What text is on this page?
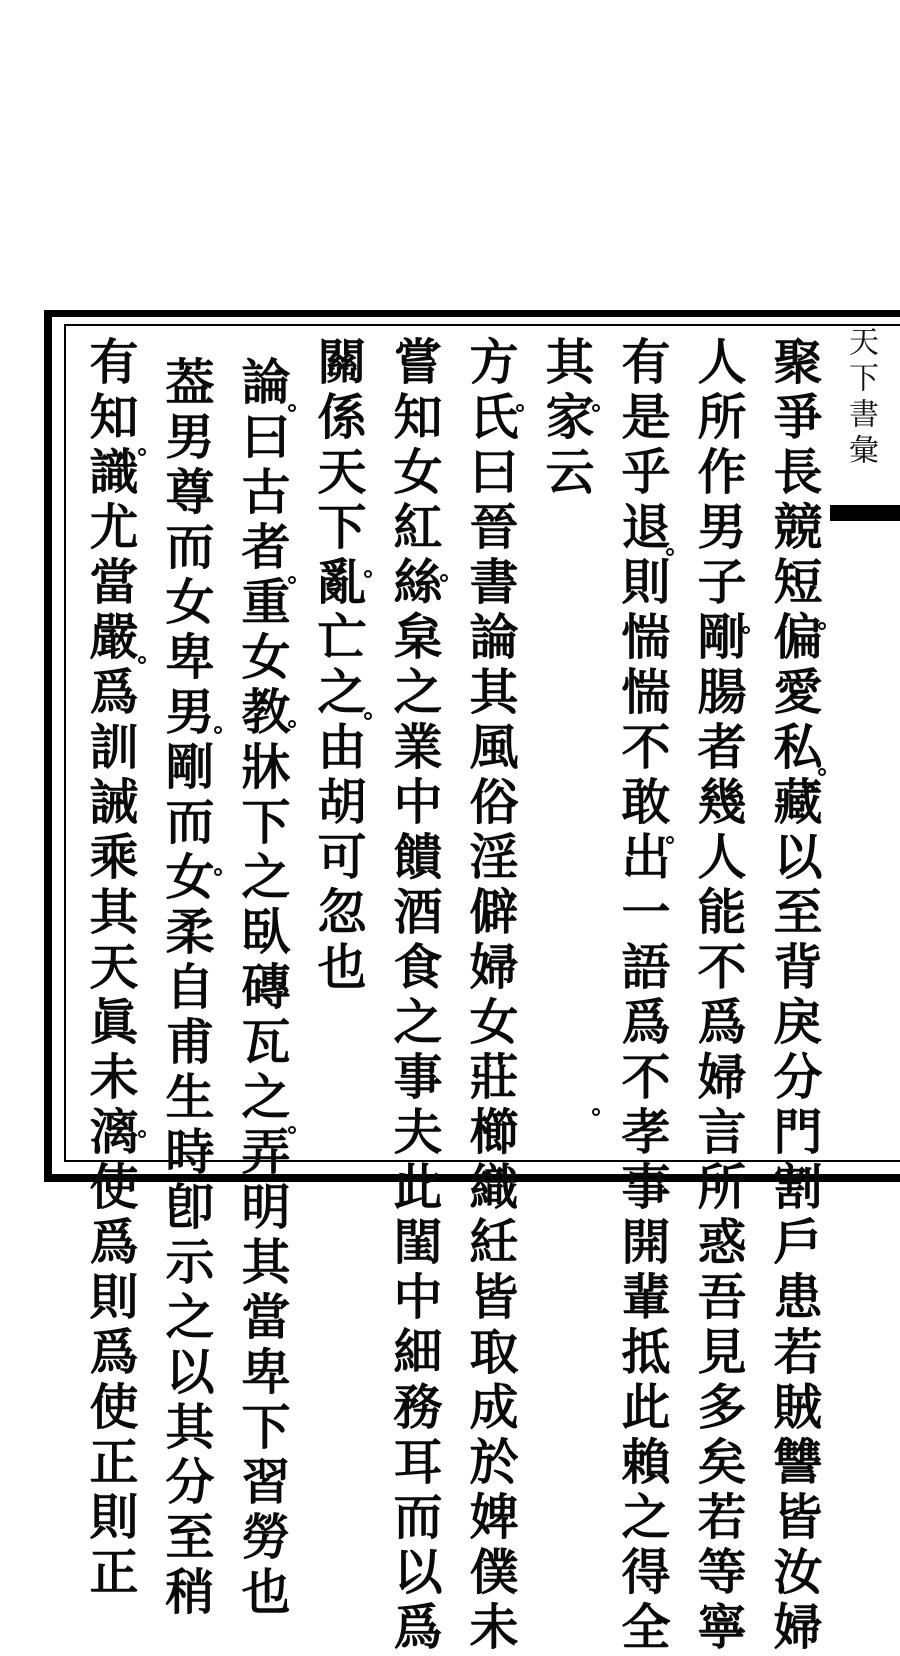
天下書彙
聚爭長競短偏愛私藏以至背戾分門割戶患若賊讐皆汝婦
人所作男子剛腸者幾人能不爲婦言所惑吾見多矣若等寧
有是乎退則惴惴不敢出一語爲不孝事開輩抵此賴之得全
其家云
方氏曰晉書論其風俗淫僻婦女莊櫛織紝皆取成於婢僕未
嘗知女紅絲枲之業中饋酒食之事夫此閨中細務耳而以爲
關係天下亂亡之由胡可忽也
論曰古者重女教牀下之臥磚瓦之弄明其當卑下習勞也
葢男尊而女卑男剛而女柔自甫生時卽示之以其分至稍
有知識尤當嚴爲訓誡乘其天眞未漓使爲則爲使正則正
